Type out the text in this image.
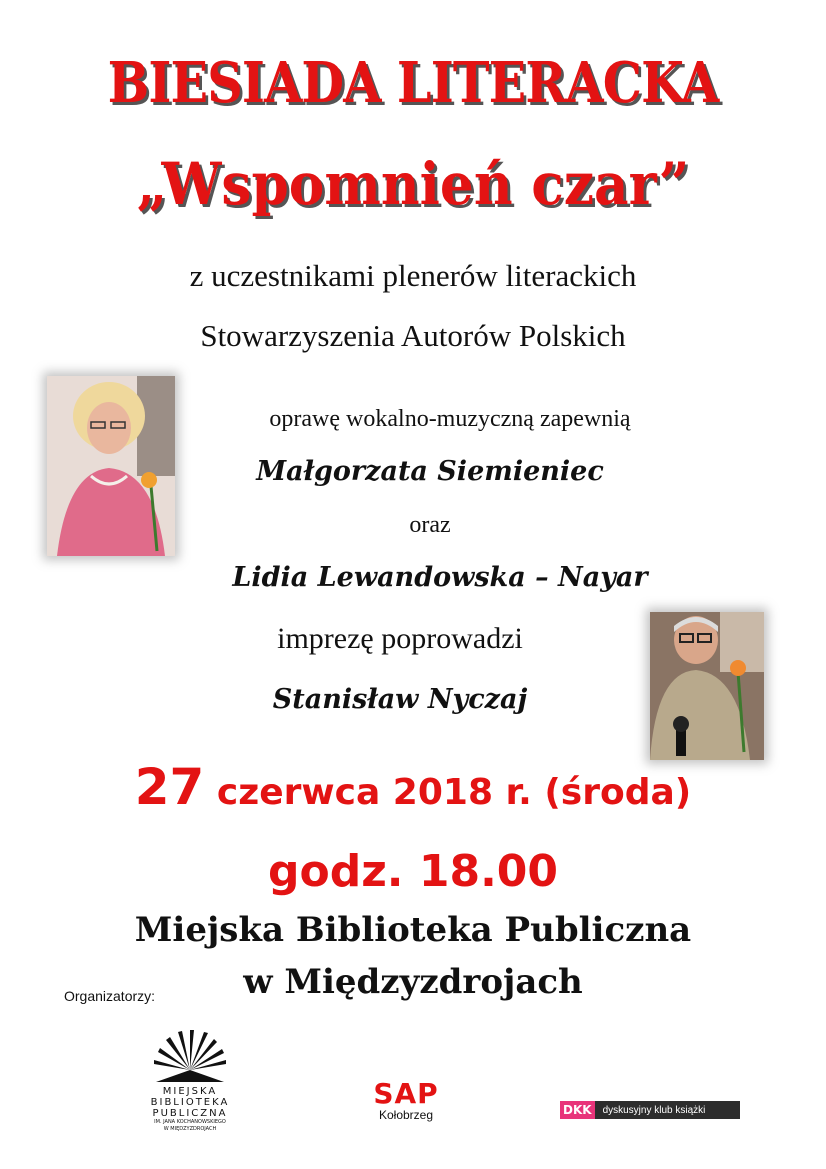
BIESIADA LITERACKA
„Wspomnień czar”
z uczestnikami plenerów literackich
Stowarzyszenia Autorów Polskich
oprawę wokalno-muzyczną zapewnią
Małgorzata Siemieniec
oraz
Lidia Lewandowska – Nayar
imprezę poprowadzi
Stanisław Nyczaj
27 czerwca 2018 r. (środa)
godz. 18.00
Miejska Biblioteka Publiczna
w Międzyzdrojach
Organizatorzy:
MIEJSKA
BIBLIOTEKA
PUBLICZNA
IM. JANA KOCHANOWSKIEGO
W MIĘDZYZDROJACH
SAP
Kołobrzeg	DKK	dyskusyjny klub książki
